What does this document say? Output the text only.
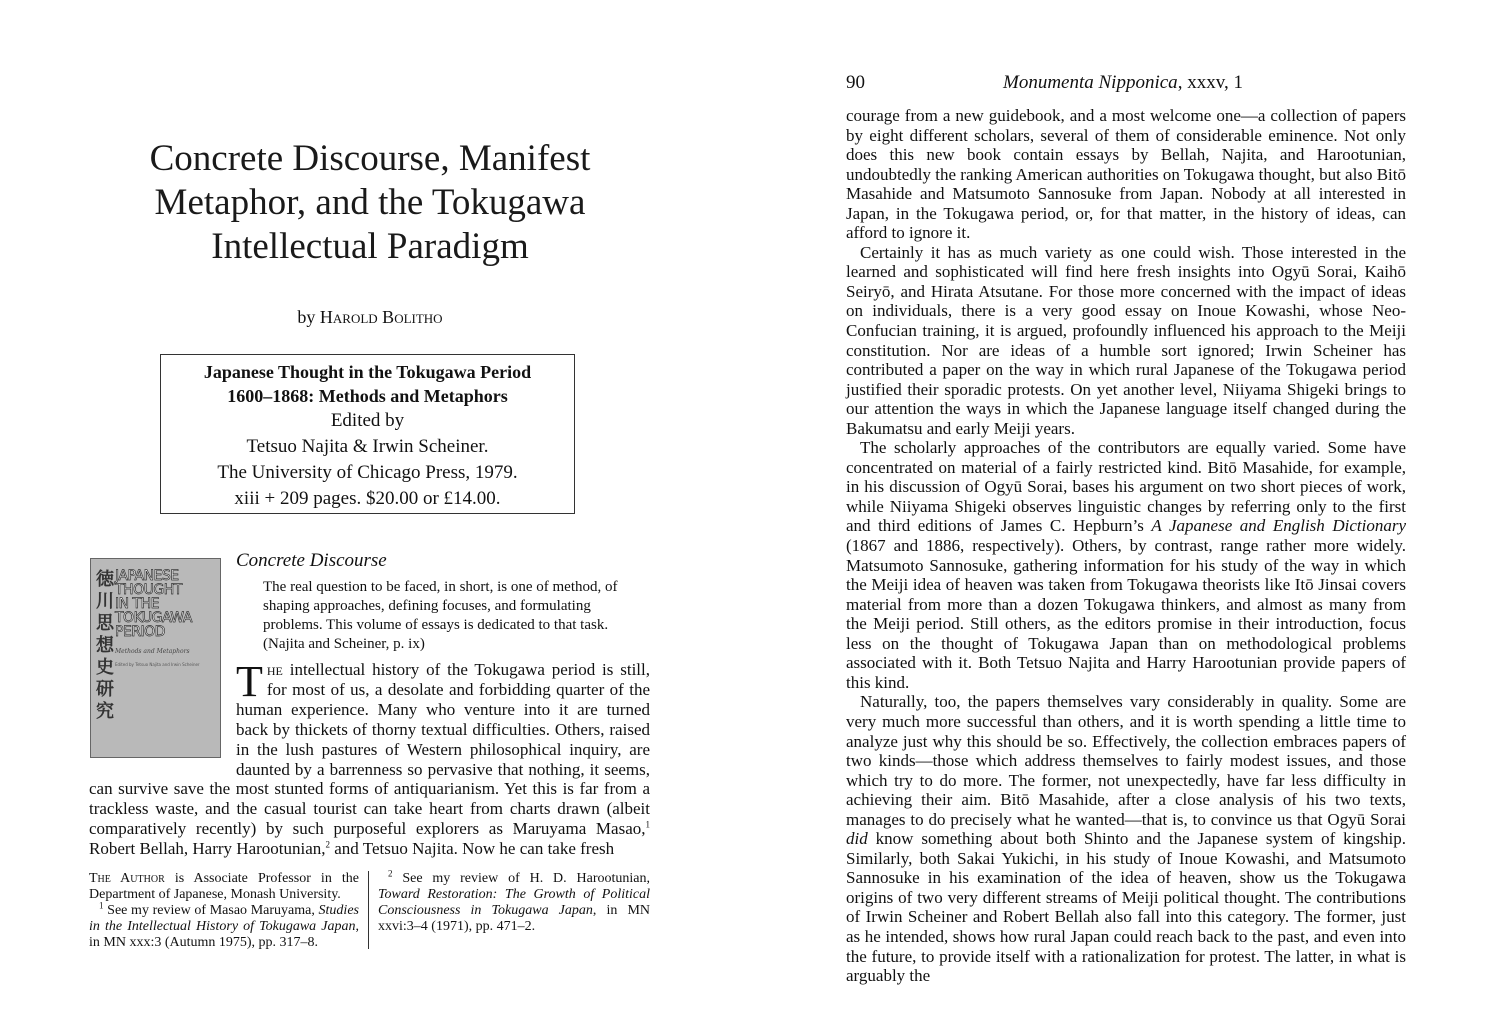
Concrete Discourse, Manifest
Metaphor, and the Tokugawa
Intellectual Paradigm
by Harold Bolitho
Japanese Thought in the Tokugawa Period
1600–1868: Methods and Metaphors
Edited by
Tetsuo Najita & Irwin Scheiner.
The University of Chicago Press, 1979.
xiii + 209 pages. $20.00 or £14.00.
徳
川
思
想
史
研
究
JAPANESE
THOUGHT
IN THE
TOKUGAWA
PERIOD
Methods and Metaphors
Edited by Tetsuo Najita and Irwin Scheiner
Concrete Discourse

The real question to be faced, in short, is one of method, of shaping approaches, defining focuses, and formulating problems. This volume of essays is dedicated to that task. (Najita and Scheiner, p. ix)

The intellectual history of the Tokugawa period is still, for most of us, a desolate and forbidding quarter of the human experience. Many who venture into it are turned back by thickets of thorny textual difficulties. Others, raised in the lush pastures of Western philosophical inquiry, are daunted by a barrenness so pervasive that nothing, it seems, can survive save the most stunted forms of antiquarianism. Yet this is far from a trackless waste, and the casual tourist can take heart from charts drawn (albeit comparatively recently) by such purposeful explorers as Maruyama Masao,$^1$ Robert Bellah, Harry Harootunian,$^2$ and Tetsuo Najita. Now he can take fresh

The Author is Associate Professor in the Department of Japanese, Monash University.
$^1$ See my review of Masao Maruyama, Studies in the Intellectual History of Tokugawa Japan, in MN xxx:3 (Autumn 1975), pp. 317–8.

$^2$ See my review of H. D. Harootunian, Toward Restoration: The Growth of Political Consciousness in Tokugawa Japan, in MN xxvi:3–4 (1971), pp. 471–2.

90	Monumenta Nipponica, xxxv, 1

courage from a new guidebook, and a most welcome one—a collection of papers by eight different scholars, several of them of considerable eminence. Not only does this new book contain essays by Bellah, Najita, and Harootunian, undoubtedly the ranking American authorities on Tokugawa thought, but also Bitō Masahide and Matsumoto Sannosuke from Japan. Nobody at all interested in Japan, in the Tokugawa period, or, for that matter, in the history of ideas, can afford to ignore it.

Certainly it has as much variety as one could wish. Those interested in the learned and sophisticated will find here fresh insights into Ogyū Sorai, Kaihō Seiryō, and Hirata Atsutane. For those more concerned with the impact of ideas on individuals, there is a very good essay on Inoue Kowashi, whose Neo-Confucian training, it is argued, profoundly influenced his approach to the Meiji constitution. Nor are ideas of a humble sort ignored; Irwin Scheiner has contributed a paper on the way in which rural Japanese of the Tokugawa period justified their sporadic protests. On yet another level, Niiyama Shigeki brings to our attention the ways in which the Japanese language itself changed during the Bakumatsu and early Meiji years.

The scholarly approaches of the contributors are equally varied. Some have concentrated on material of a fairly restricted kind. Bitō Masahide, for example, in his discussion of Ogyū Sorai, bases his argument on two short pieces of work, while Niiyama Shigeki observes linguistic changes by referring only to the first and third editions of James C. Hepburn’s A Japanese and English Dictionary (1867 and 1886, respectively). Others, by contrast, range rather more widely. Matsumoto Sannosuke, gathering information for his study of the way in which the Meiji idea of heaven was taken from Tokugawa theorists like Itō Jinsai covers material from more than a dozen Tokugawa thinkers, and almost as many from the Meiji period. Still others, as the editors promise in their introduction, focus less on the thought of Tokugawa Japan than on methodological problems associated with it. Both Tetsuo Najita and Harry Harootunian provide papers of this kind.

Naturally, too, the papers themselves vary considerably in quality. Some are very much more successful than others, and it is worth spending a little time to analyze just why this should be so. Effectively, the collection embraces papers of two kinds—those which address themselves to fairly modest issues, and those which try to do more. The former, not unexpectedly, have far less difficulty in achieving their aim. Bitō Masahide, after a close analysis of his two texts, manages to do precisely what he wanted—that is, to convince us that Ogyū Sorai did know something about both Shinto and the Japanese system of kingship. Similarly, both Sakai Yukichi, in his study of Inoue Kowashi, and Matsumoto Sannosuke in his examination of the idea of heaven, show us the Tokugawa origins of two very different streams of Meiji political thought. The contributions of Irwin Scheiner and Robert Bellah also fall into this category. The former, just as he intended, shows how rural Japan could reach back to the past, and even into the future, to provide itself with a rationalization for protest. The latter, in what is arguably the
